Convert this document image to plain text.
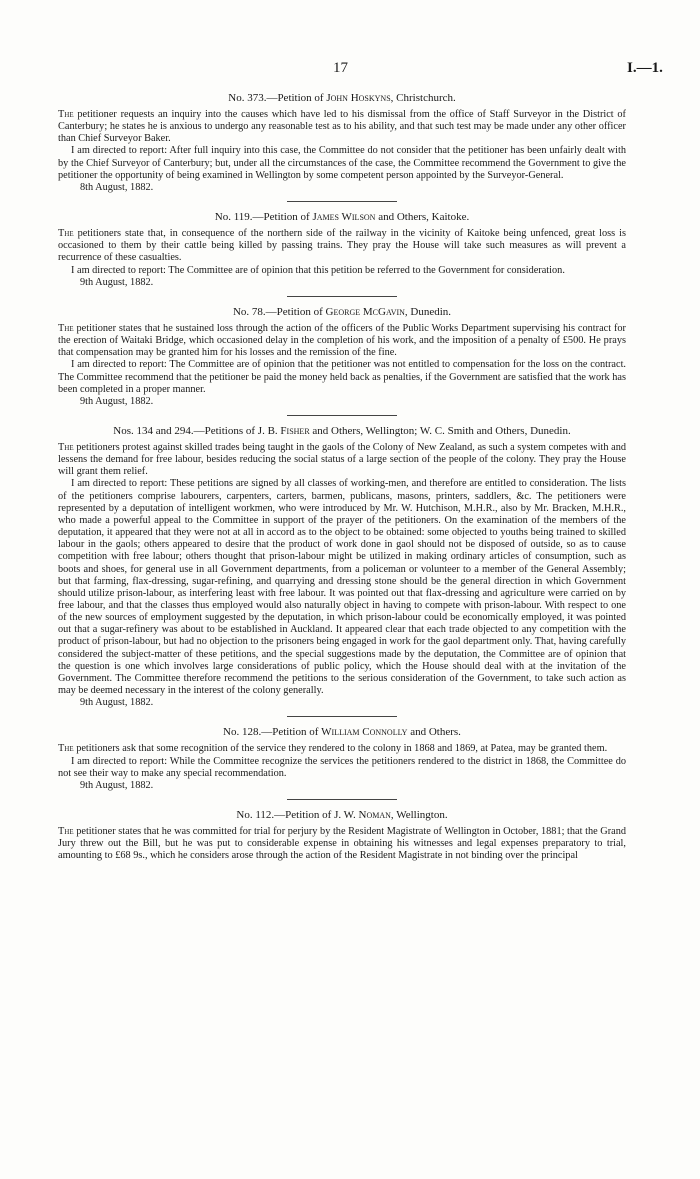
17	I.—1.
No. 373.—Petition of John Hoskyns, Christchurch.

The petitioner requests an inquiry into the causes which have led to his dismissal from the office of Staff Surveyor in the District of Canterbury; he states he is anxious to undergo any reasonable test as to his ability, and that such test may be made under any other officer than Chief Surveyor Baker.

I am directed to report: After full inquiry into this case, the Committee do not consider that the petitioner has been unfairly dealt with by the Chief Surveyor of Canterbury; but, under all the circumstances of the case, the Committee recommend the Government to give the petitioner the opportunity of being examined in Wellington by some competent person appointed by the Surveyor-General.

8th August, 1882.

No. 119.—Petition of James Wilson and Others, Kaitoke.

The petitioners state that, in consequence of the northern side of the railway in the vicinity of Kaitoke being unfenced, great loss is occasioned to them by their cattle being killed by passing trains. They pray the House will take such measures as will prevent a recurrence of these casualties.

I am directed to report: The Committee are of opinion that this petition be referred to the Government for consideration.

9th August, 1882.

No. 78.—Petition of George McGavin, Dunedin.

The petitioner states that he sustained loss through the action of the officers of the Public Works Department supervising his contract for the erection of Waitaki Bridge, which occasioned delay in the completion of his work, and the imposition of a penalty of £500. He prays that compensation may be granted him for his losses and the remission of the fine.

I am directed to report: The Committee are of opinion that the petitioner was not entitled to compensation for the loss on the contract. The Committee recommend that the petitioner be paid the money held back as penalties, if the Government are satisfied that the work has been completed in a proper manner.

9th August, 1882.

Nos. 134 and 294.—Petitions of J. B. Fisher and Others, Wellington; W. C. Smith and Others, Dunedin.

The petitioners protest against skilled trades being taught in the gaols of the Colony of New Zealand, as such a system competes with and lessens the demand for free labour, besides reducing the social status of a large section of the people of the colony. They pray the House will grant them relief.

I am directed to report: These petitions are signed by all classes of working-men, and therefore are entitled to consideration. The lists of the petitioners comprise labourers, carpenters, carters, barmen, publicans, masons, printers, saddlers, &c. The petitioners were represented by a deputation of intelligent workmen, who were introduced by Mr. W. Hutchison, M.H.R., also by Mr. Bracken, M.H.R., who made a powerful appeal to the Committee in support of the prayer of the petitioners. On the examination of the members of the deputation, it appeared that they were not at all in accord as to the object to be obtained: some objected to youths being trained to skilled labour in the gaols; others appeared to desire that the product of work done in gaol should not be disposed of outside, so as to cause competition with free labour; others thought that prison-labour might be utilized in making ordinary articles of consumption, such as boots and shoes, for general use in all Government departments, from a policeman or volunteer to a member of the General Assembly; but that farming, flax-dressing, sugar-refining, and quarrying and dressing stone should be the general direction in which Government should utilize prison-labour, as interfering least with free labour. It was pointed out that flax-dressing and agriculture were carried on by free labour, and that the classes thus employed would also naturally object in having to compete with prison-labour. With respect to one of the new sources of employment suggested by the deputation, in which prison-labour could be economically employed, it was pointed out that a sugar-refinery was about to be established in Auckland. It appeared clear that each trade objected to any competition with the product of prison-labour, but had no objection to the prisoners being engaged in work for the gaol department only. That, having carefully considered the subject-matter of these petitions, and the special suggestions made by the deputation, the Committee are of opinion that the question is one which involves large considerations of public policy, which the House should deal with at the invitation of the Government. The Committee therefore recommend the petitions to the serious consideration of the Government, to take such action as may be deemed necessary in the interest of the colony generally.

9th August, 1882.

No. 128.—Petition of William Connolly and Others.

The petitioners ask that some recognition of the service they rendered to the colony in 1868 and 1869, at Patea, may be granted them.

I am directed to report: While the Committee recognize the services the petitioners rendered to the district in 1868, the Committee do not see their way to make any special recommendation.

9th August, 1882.

No. 112.—Petition of J. W. Noman, Wellington.

The petitioner states that he was committed for trial for perjury by the Resident Magistrate of Wellington in October, 1881; that the Grand Jury threw out the Bill, but he was put to considerable expense in obtaining his witnesses and legal expenses preparatory to trial, amounting to £68 9s., which he considers arose through the action of the Resident Magistrate in not binding over the principal
